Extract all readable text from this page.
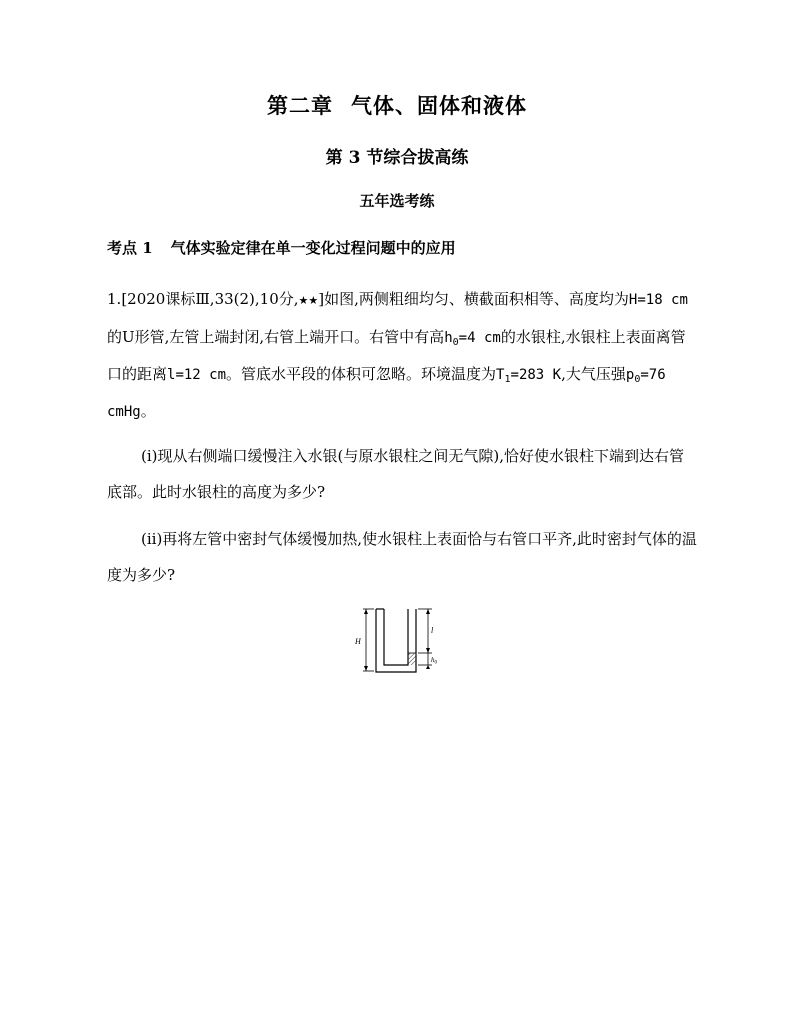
第二章 气体、固体和液体
第 3 节综合拔高练
五年选考练
考点 1 气体实验定律在单一变化过程问题中的应用
1.[2020课标Ⅲ,33(2),10分,★★]如图,两侧粗细均匀、横截面积相等、高度均为H=18 cm的U形管,左管上端封闭,右管上端开口。右管中有高$h_0=4$ cm的水银柱,水银柱上表面离管口的距离l=12 cm。管底水平段的体积可忽略。环境温度为$T_1=283$ K,大气压强$p_0=76$ cmHg。
(ⅰ)现从右侧端口缓慢注入水银(与原水银柱之间无气隙),恰好使水银柱下端到达右管底部。此时水银柱的高度为多少?
(ⅱ)再将左管中密封气体缓慢加热,使水银柱上表面恰与右管口平齐,此时密封气体的温度为多少?
H
l
$h_0$
